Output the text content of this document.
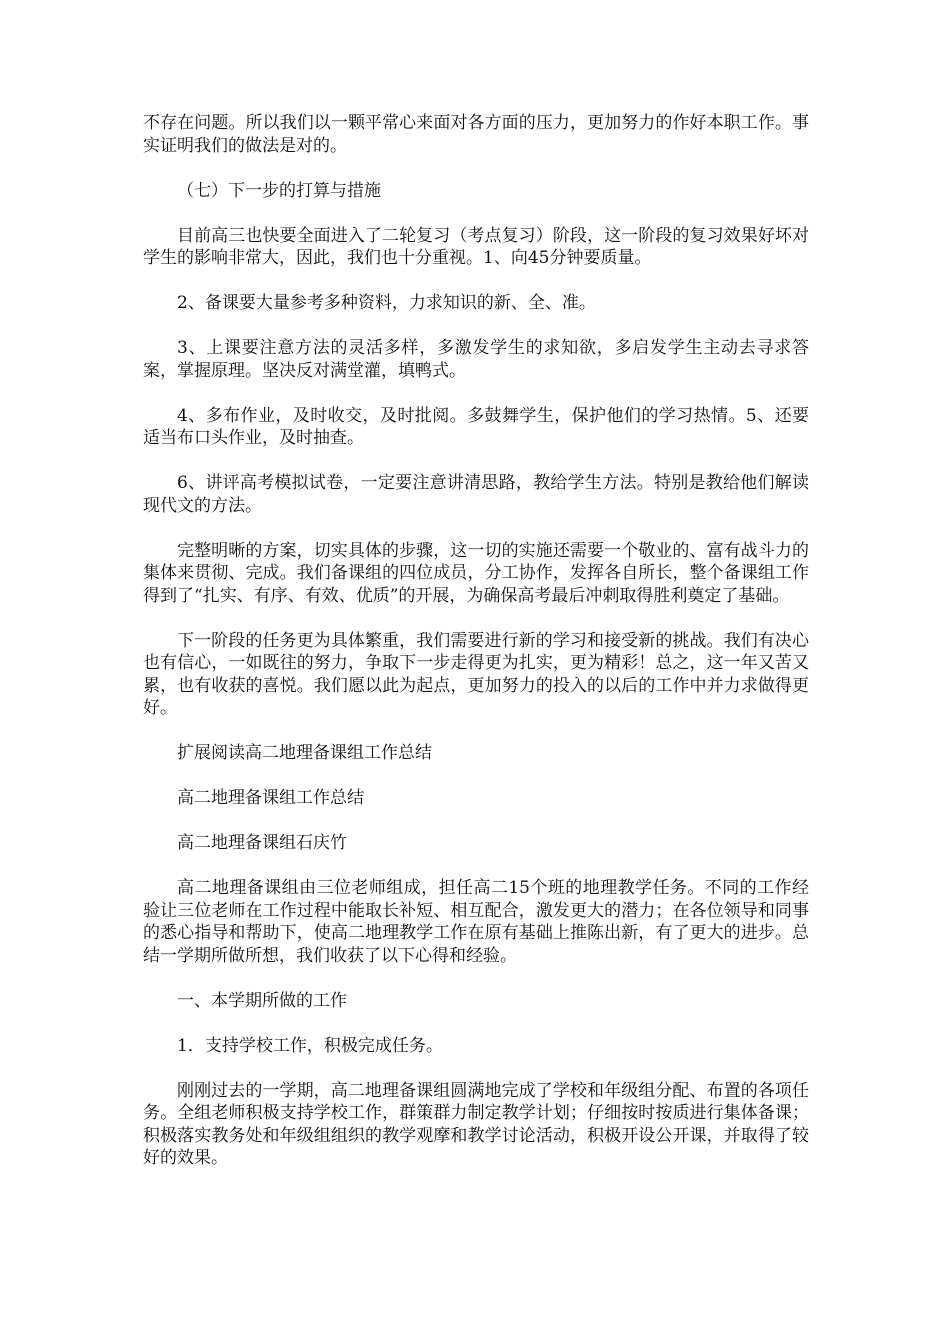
不存在问题。所以我们以一颗平常心来面对各方面的压力，更加努力的作好本职工作。事实证明我们的做法是对的。

（七）下一步的打算与措施

目前高三也快要全面进入了二轮复习（考点复习）阶段，这一阶段的复习效果好坏对学生的影响非常大，因此，我们也十分重视。1、向45分钟要质量。

2、备课要大量参考多种资料，力求知识的新、全、准。

3、上课要注意方法的灵活多样，多激发学生的求知欲，多启发学生主动去寻求答案，掌握原理。坚决反对满堂灌，填鸭式。

4、多布作业，及时收交，及时批阅。多鼓舞学生，保护他们的学习热情。5、还要适当布口头作业，及时抽查。

6、讲评高考模拟试卷，一定要注意讲清思路，教给学生方法。特别是教给他们解读现代文的方法。

完整明晰的方案，切实具体的步骤，这一切的实施还需要一个敬业的、富有战斗力的集体来贯彻、完成。我们备课组的四位成员，分工协作，发挥各自所长，整个备课组工作得到了“扎实、有序、有效、优质”的开展，为确保高考最后冲刺取得胜利奠定了基础。

下一阶段的任务更为具体繁重，我们需要进行新的学习和接受新的挑战。我们有决心也有信心，一如既往的努力，争取下一步走得更为扎实，更为精彩！总之，这一年又苦又累，也有收获的喜悦。我们愿以此为起点，更加努力的投入的以后的工作中并力求做得更好。

扩展阅读高二地理备课组工作总结

高二地理备课组工作总结

高二地理备课组石庆竹

高二地理备课组由三位老师组成，担任高二15个班的地理教学任务。不同的工作经验让三位老师在工作过程中能取长补短、相互配合，激发更大的潜力；在各位领导和同事的悉心指导和帮助下，使高二地理教学工作在原有基础上推陈出新，有了更大的进步。总结一学期所做所想，我们收获了以下心得和经验。

一、本学期所做的工作

1．支持学校工作，积极完成任务。

刚刚过去的一学期，高二地理备课组圆满地完成了学校和年级组分配、布置的各项任务。全组老师积极支持学校工作，群策群力制定教学计划；仔细按时按质进行集体备课；积极落实教务处和年级组组织的教学观摩和教学讨论活动，积极开设公开课，并取得了较好的效果。
